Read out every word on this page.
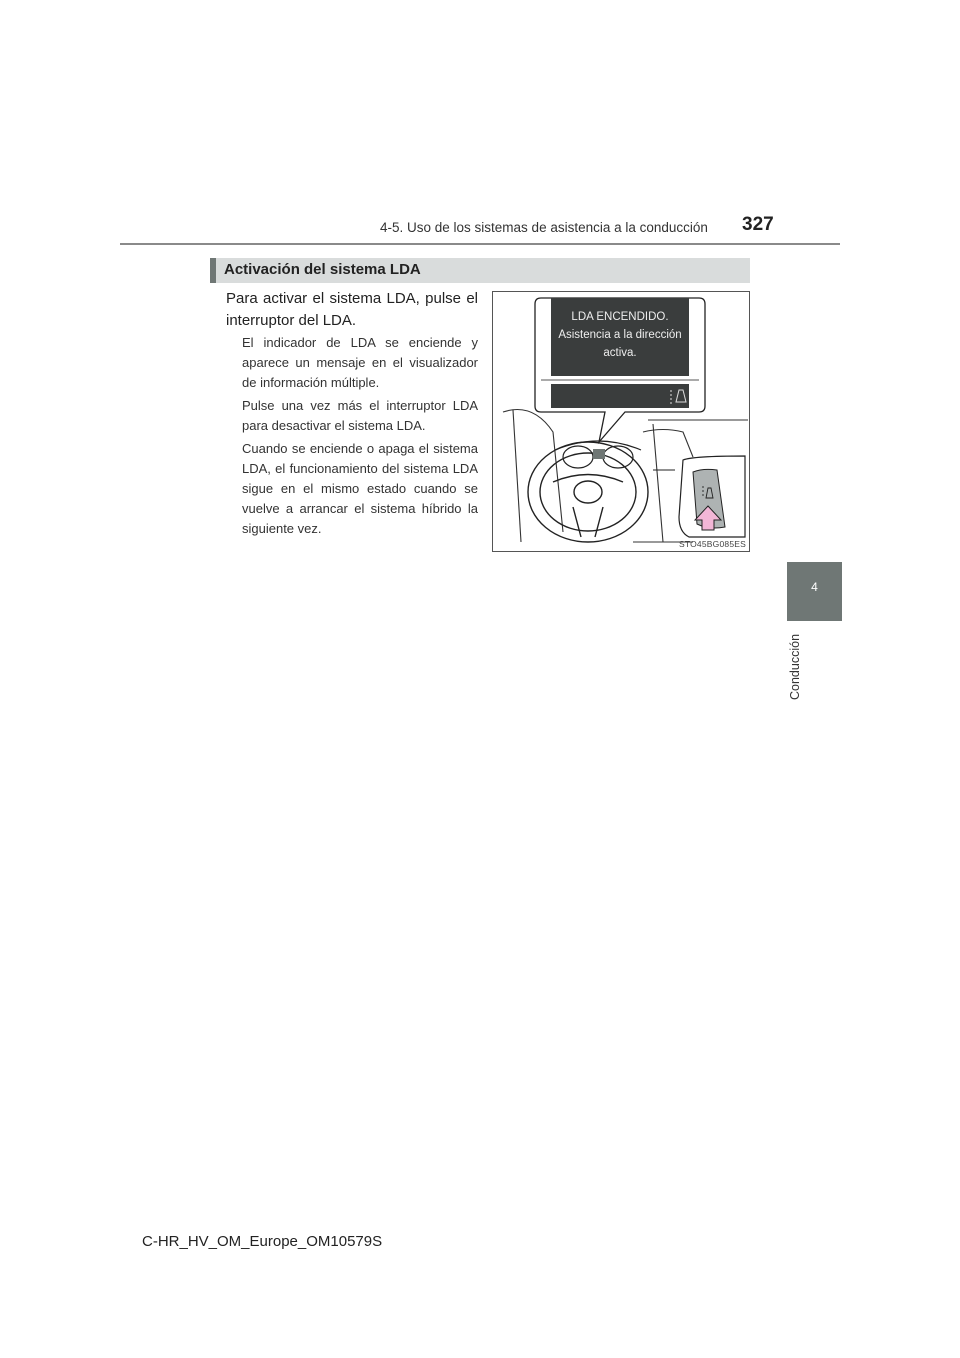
4-5. Uso de los sistemas de asistencia a la conducción 327
Activación del sistema LDA
Para activar el sistema LDA, pulse el interruptor del LDA.

El indicador de LDA se enciende y aparece un mensaje en el visualizador de información múltiple.

Pulse una vez más el interruptor LDA para desactivar el sistema LDA.

Cuando se enciende o apaga el sistema LDA, el funcionamiento del sistema LDA sigue en el mismo estado cuando se vuelve a arrancar el sistema híbrido la siguiente vez.

LDA ENCENDIDO.
Asistencia a la dirección
activa.
STO45BG085ES
4
Conducción
C-HR_HV_OM_Europe_OM10579S
